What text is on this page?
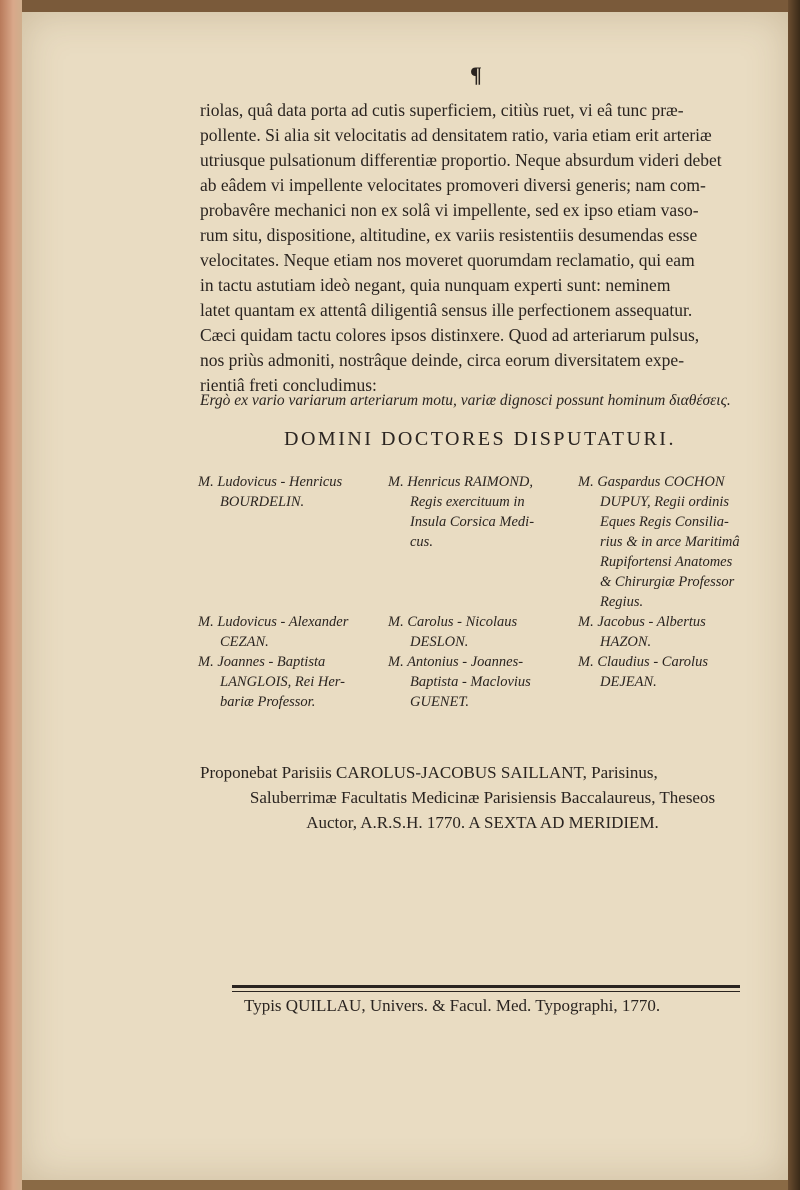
¶

riolas, quâ data porta ad cutis superficiem, citiùs ruet, vi eâ tunc præ-

pollente. Si alia sit velocitatis ad densitatem ratio, varia etiam erit arteriæ

utriusque pulsationum differentiæ proportio. Neque absurdum videri debet

ab eâdem vi impellente velocitates promoveri diversi generis; nam com-

probavêre mechanici non ex solâ vi impellente, sed ex ipso etiam vaso-

rum situ, dispositione, altitudine, ex variis resistentiis desumendas esse

velocitates. Neque etiam nos moveret quorumdam reclamatio, qui eam

in tactu astutiam ideò negant, quia nunquam experti sunt: neminem

latet quantam ex attentâ diligentiâ sensus ille perfectionem assequatur.

Cæci quidam tactu colores ipsos distinxere. Quod ad arteriarum pulsus,

nos priùs admoniti, nostrâque deinde, circa eorum diversitatem expe-

rientiâ freti concludimus:

Ergò ex vario variarum arteriarum motu, variæ dignosci possunt hominum διαθέσεις.
DOMINI DOCTORES DISPUTATURI.
M. Ludovicus - Henricus
BOURDELIN.
M. Henricus RAIMOND,
Regis exercituum in
Insula Corsica Medi-
cus.
M. Gaspardus COCHON
DUPUY, Regii ordinis
Eques Regis Consilia-
rius & in arce Maritimâ
Rupifortensi Anatomes
& Chirurgiæ Professor
Regius.
M. Ludovicus - Alexander
CEZAN.
M. Carolus - Nicolaus
DESLON.
M. Jacobus - Albertus
HAZON.
M. Joannes - Baptista
LANGLOIS, Rei Her-
bariæ Professor.
M. Antonius - Joannes-
Baptista - Maclovius
GUENET.
M. Claudius - Carolus
DEJEAN.
Proponebat Parisiis CAROLUS-JACOBUS SAILLANT, Parisinus,
Saluberrimæ Facultatis Medicinæ Parisiensis Baccalaureus, Theseos
Auctor, A.R.S.H. 1770. A SEXTA AD MERIDIEM.
Typis QUILLAU, Univers. & Facul. Med. Typographi, 1770.
